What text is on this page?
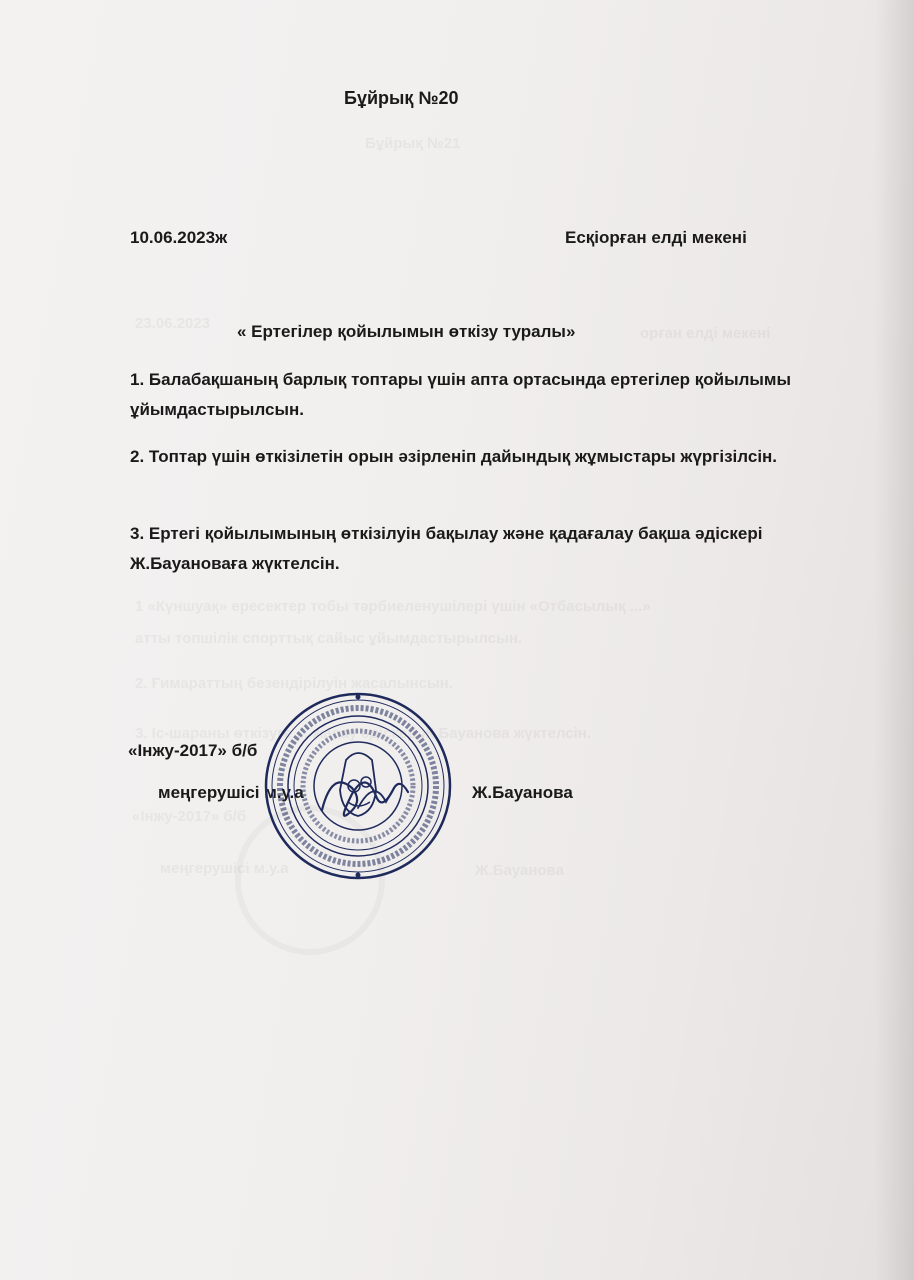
Бұйрық №21
23.06.2023
орған елді мекені
1 «Күншуақ» ересектер тобы тәрбиеленушілері үшін «Отбасылық ...»
атты топшілік спорттық сайыс ұйымдастырылсын.
2. Ғимараттың безендірілуін жасалынсын.
3. Іс-шараны өткізуге ... жасау әдіскер Ж.Бауанова жүктелсін.
«Інжу-2017» б/б
меңгерушісі м.у.а	Ж.Бауанова
Бұйрық №20
10.06.2023ж	Есқіорған елді мекені
« Ертегілер қойылымын өткізу туралы»
1. Балабақшаның барлық топтары үшін апта ортасында ертегілер қойылымы ұйымдастырылсын.
2. Топтар үшін өткізілетін орын әзірленіп дайындық жұмыстары жүргізілсін.
3. Ертегі қойылымының өткізілуін бақылау және қадағалау бақша әдіскері Ж.Бауановаға жүктелсін.
«Інжу-2017» б/б
меңгерушісі м.у.а	Ж.Бауанова
